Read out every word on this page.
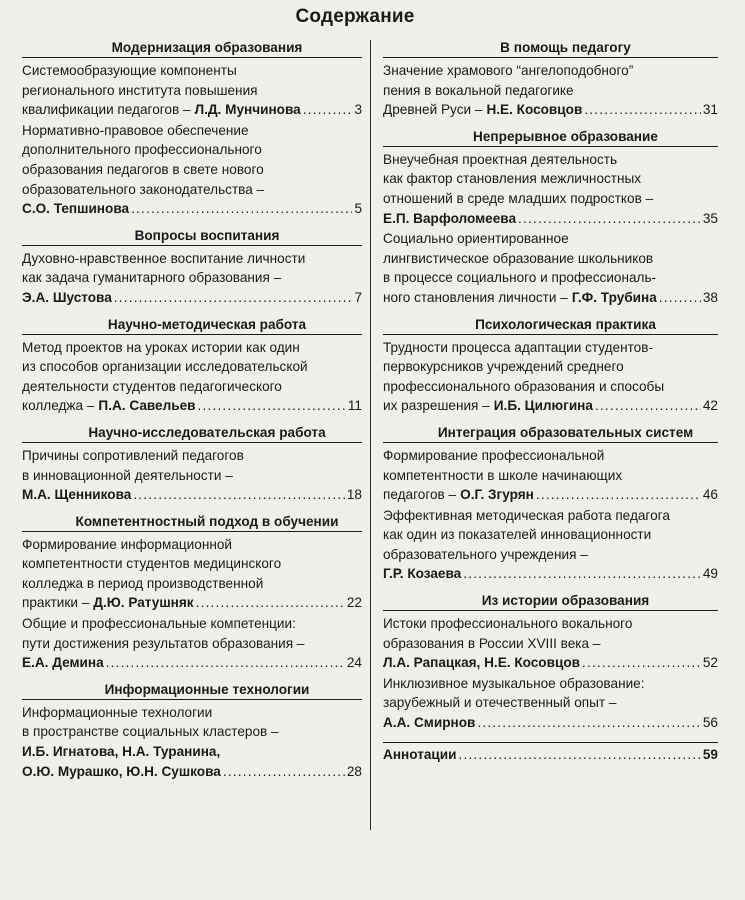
Содержание
Модернизация образования
Системообразующие компоненты
регионального института повышения
квалификации педагогов – Л.Д. Мунчинова .....	3
Нормативно-правовое обеспечение
дополнительного профессионального
образования педагогов в свете нового
образовательного законодательства –
С.О. Тепшинова .....	5
Вопросы воспитания
Духовно-нравственное воспитание личности
как задача гуманитарного образования –
Э.А. Шустова .....	7
Научно-методическая работа
Метод проектов на уроках истории как один
из способов организации исследовательской
деятельности студентов педагогического
колледжа – П.А. Савельев .....	11
Научно-исследовательская работа
Причины сопротивлений педагогов
в инновационной деятельности –
М.А. Щенникова .....	18
Компетентностный подход в обучении
Формирование информационной
компетентности студентов медицинского
колледжа в период производственной
практики – Д.Ю. Ратушняк .....	22
Общие и профессиональные компетенции:
пути достижения результатов образования –
Е.А. Демина .....	24
Информационные технологии
Информационные технологии
в пространстве социальных кластеров –
И.Б. Игнатова, Н.А. Туранина,
О.Ю. Мурашко, Ю.Н. Сушкова .....	28
В помощь педагогу
Значение храмового “ангелоподобного”
пения в вокальной педагогике
Древней Руси – Н.Е. Косовцов .....	31
Непрерывное образование
Внеучебная проектная деятельность
как фактор становления межличностных
отношений в среде младших подростков –
Е.П. Варфоломеева .....	35
Социально ориентированное
лингвистическое образование школьников
в процессе социального и профессиональ-
ного становления личности – Г.Ф. Трубина .....	38
Психологическая практика
Трудности процесса адаптации студентов-
первокурсников учреждений среднего
профессионального образования и способы
их разрешения – И.Б. Цилюгина .....	42
Интеграция образовательных систем
Формирование профессиональной
компетентности в школе начинающих
педагогов – О.Г. Згурян .....	46
Эффективная методическая работа педагога
как один из показателей инновационности
образовательного учреждения –
Г.Р. Козаева .....	49
Из истории образования
Истоки профессионального вокального
образования в России XVIII века –
Л.А. Рапацкая, Н.Е. Косовцов .....	52
Инклюзивное музыкальное образование:
зарубежный и отечественный опыт –
А.А. Смирнов .....	56
Аннотации .....	59
